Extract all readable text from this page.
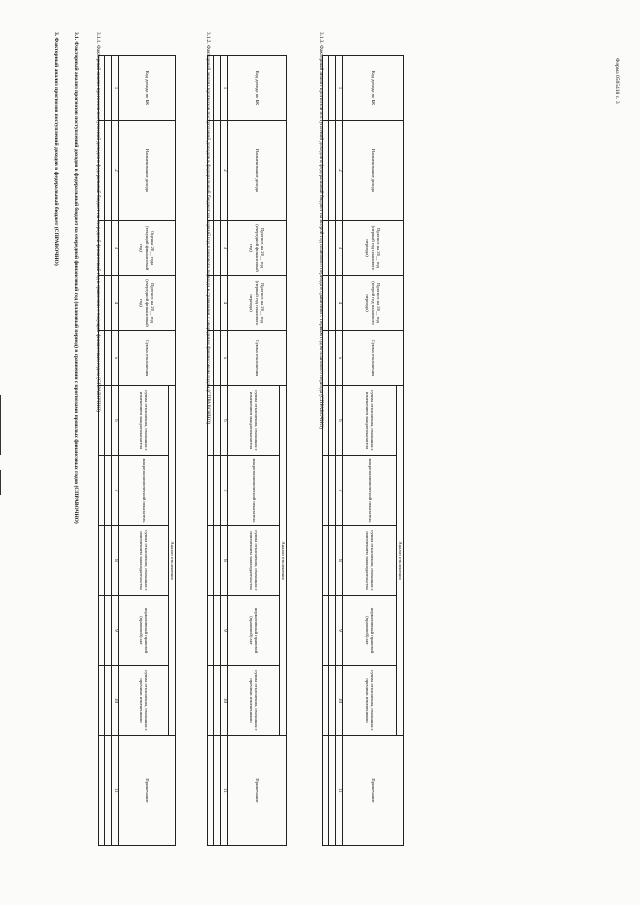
Форма 0505418 с. 3
3. Факторный анализ прогнозов поступлений доходов в федеральный бюджет (СПРАВОЧНО)	3.1. Факторный анализ прогнозов поступлений доходов в федеральный бюджет на очередной финансовый год (плановый период) в сравнении с прогнозами прошлых финансовых годов (СПРАВОЧНО)	3.1.1. Факторный анализ прогнозов поступлений доходов в федеральный бюджет на очередной финансовый год в сравнении с текущим финансовым годом (СПРАВОЧНО)	Код дохода по БК	Наименование дохода	Оценка 20__ года (текущий финансовый год)	Прогноз на 20__ год (очередной финансовый год)	Сумма отклонения	Анализ отклонения					Примечание
					сумма отклонения, связанная с изменением макропоказателя	макроэкономический показатель	сумма отклонения, связанная с изменением законодательства	нормативный правовой (правовой) акт	сумма отклонения, связанная с прочими изменениями	
1	2	3	4	5	6	7	8	9	10	11

3.1.2. Факторный анализ прогнозов поступлений доходов в федеральный бюджет на первый год планового периода в сравнении с очередным финансовым годом (СПРАВОЧНО)	Код дохода по БК	Наименование дохода	Прогноз на 20__ год (очередной финансовый год)	Прогноз на 20__ год (первый год планового периода)	Сумма отклонения	Анализ отклонения					Примечание
					сумма отклонения, связанная с изменением макропоказателя	макроэкономический показатель	сумма отклонения, связанная с изменением законодательства	нормативный правовой (правовой) акт	сумма отклонения, связанная с прочими изменениями	
1	2	3	4	5	6	7	8	9	10	11

3.1.3. Факторный анализ прогнозов поступлений доходов в федеральный бюджет на второй год планового периода в сравнении с первым годом планового периода (СПРАВОЧНО)	Код дохода по БК	Наименование дохода	Прогноз на 20__ год (первый год планового периода)	Прогноз на 20__ год (второй год планового периода)	Сумма отклонения	Анализ отклонения					Примечание
					сумма отклонения, связанная с изменением макропоказателя	макроэкономический показатель	сумма отклонения, связанная с изменением законодательства	нормативный правовой (правовой) акт	сумма отклонения, связанная с прочими изменениями	
1	2	3	4	5	6	7	8	9	10	11
